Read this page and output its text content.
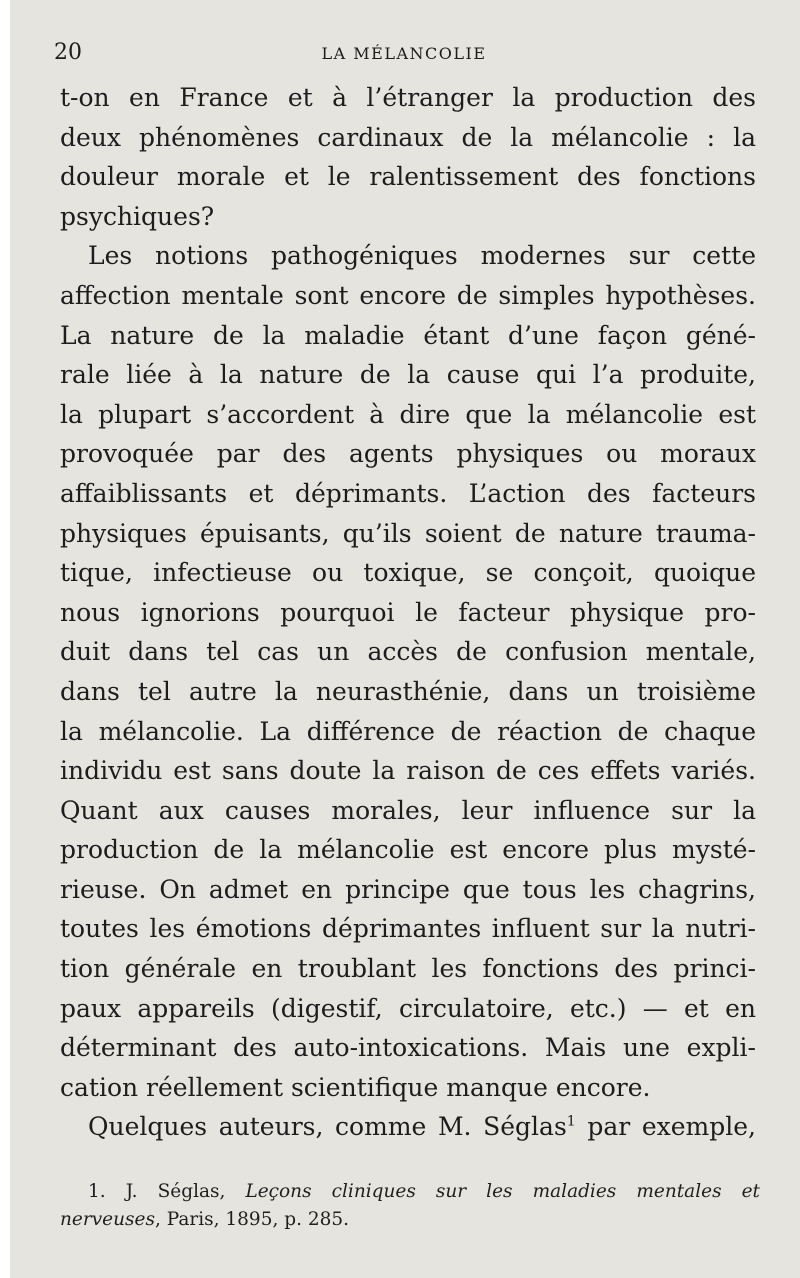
20	LA MÉLANCOLIE
t-on en France et à l’étranger la production des
deux phénomènes cardinaux de la mélancolie : la
douleur morale et le ralentissement des fonctions
psychiques?
Les notions pathogéniques modernes sur cette
affection mentale sont encore de simples hypothèses.
La nature de la maladie étant d’une façon géné-
rale liée à la nature de la cause qui l’a produite,
la plupart s’accordent à dire que la mélancolie est
provoquée par des agents physiques ou moraux
affaiblissants et déprimants. L’action des facteurs
physiques épuisants, qu’ils soient de nature trauma-
tique, infectieuse ou toxique, se conçoit, quoique
nous ignorions pourquoi le facteur physique pro-
duit dans tel cas un accès de confusion mentale,
dans tel autre la neurasthénie, dans un troisième
la mélancolie. La différence de réaction de chaque
individu est sans doute la raison de ces effets variés.
Quant aux causes morales, leur influence sur la
production de la mélancolie est encore plus mysté-
rieuse. On admet en principe que tous les chagrins,
toutes les émotions déprimantes influent sur la nutri-
tion générale en troublant les fonctions des princi-
paux appareils (digestif, circulatoire, etc.) — et en
déterminant des auto-intoxications. Mais une expli-
cation réellement scientifique manque encore.
Quelques auteurs, comme M. Séglas$^1$ par exemple,
1. J. Séglas, Leçons cliniques sur les maladies mentales et
nerveuses, Paris, 1895, p. 285.
